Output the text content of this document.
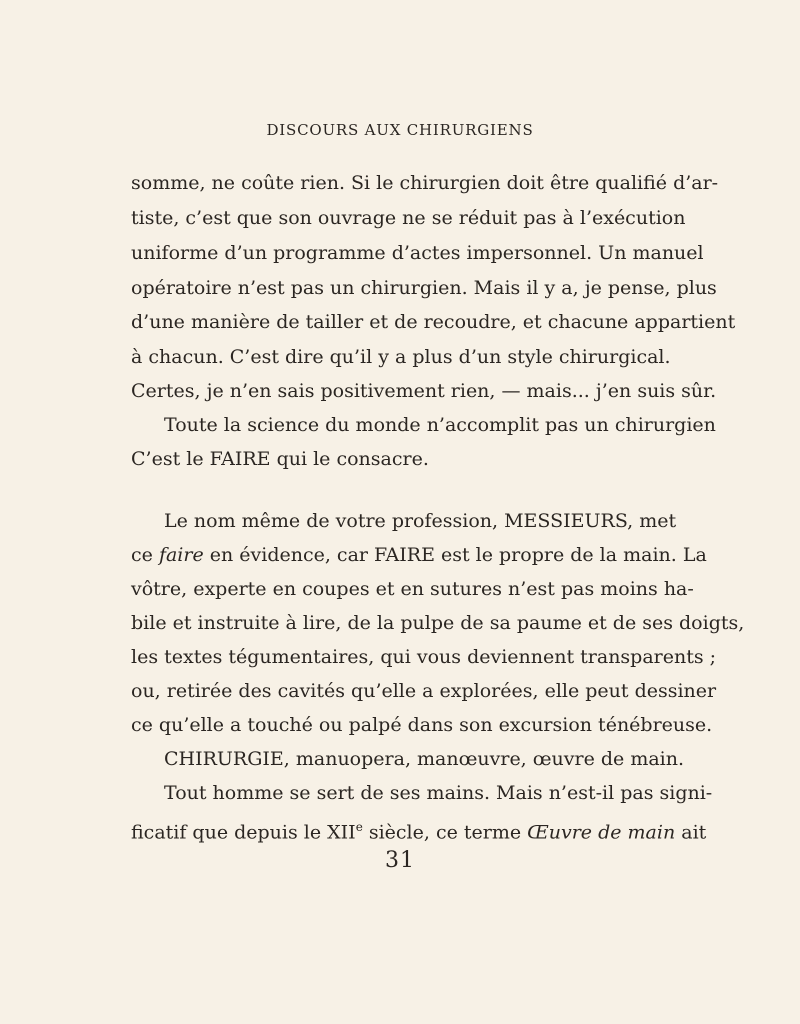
DISCOURS AUX CHIRURGIENS
somme, ne coûte rien. Si le chirurgien doit être qualifié d’ar-
tiste, c’est que son ouvrage ne se réduit pas à l’exécution
uniforme d’un programme d’actes impersonnel. Un manuel
opératoire n’est pas un chirurgien. Mais il y a, je pense, plus
d’une manière de tailler et de recoudre, et chacune appartient
à chacun. C’est dire qu’il y a plus d’un style chirurgical.
Certes, je n’en sais positivement rien, — mais... j’en suis sûr.
Toute la science du monde n’accomplit pas un chirurgien
C’est le FAIRE qui le consacre.
Le nom même de votre profession, MESSIEURS, met
ce faire en évidence, car FAIRE est le propre de la main. La
vôtre, experte en coupes et en sutures n’est pas moins ha-
bile et instruite à lire, de la pulpe de sa paume et de ses doigts,
les textes tégumentaires, qui vous deviennent transparents ;
ou, retirée des cavités qu’elle a explorées, elle peut dessiner
ce qu’elle a touché ou palpé dans son excursion ténébreuse.
CHIRURGIE, manuopera, manœuvre, œuvre de main.
Tout homme se sert de ses mains. Mais n’est-il pas signi-
ficatif que depuis le XIIe siècle, ce terme Œuvre de main ait
31
